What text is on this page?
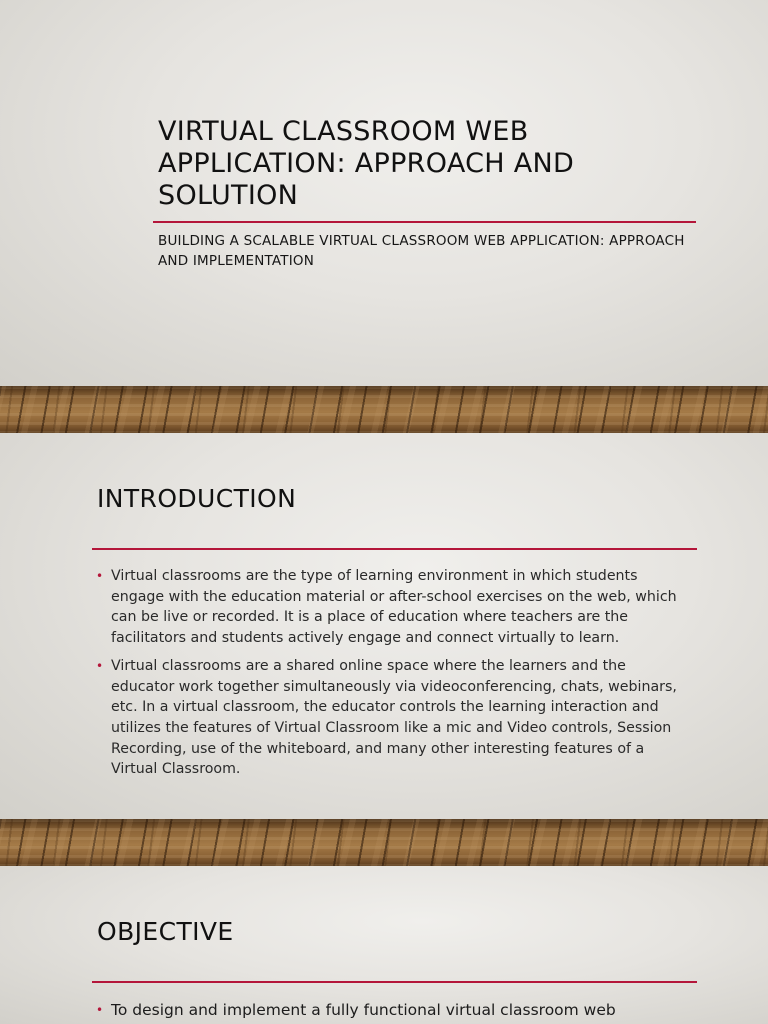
VIRTUAL CLASSROOM WEB APPLICATION: APPROACH AND SOLUTION

BUILDING A SCALABLE VIRTUAL CLASSROOM WEB APPLICATION: APPROACH AND IMPLEMENTATION

INTRODUCTION
• Virtual classrooms are the type of learning environment in which students engage with the education material or after-school exercises on the web, which can be live or recorded. It is a place of education where teachers are the facilitators and students actively engage and connect virtually to learn.
• Virtual classrooms are a shared online space where the learners and the educator work together simultaneously via videoconferencing, chats, webinars, etc. In a virtual classroom, the educator controls the learning interaction and utilizes the features of Virtual Classroom like a mic and Video controls, Session Recording, use of the whiteboard, and many other interesting features of a Virtual Classroom.
OBJECTIVE
• To design and implement a fully functional virtual classroom web
